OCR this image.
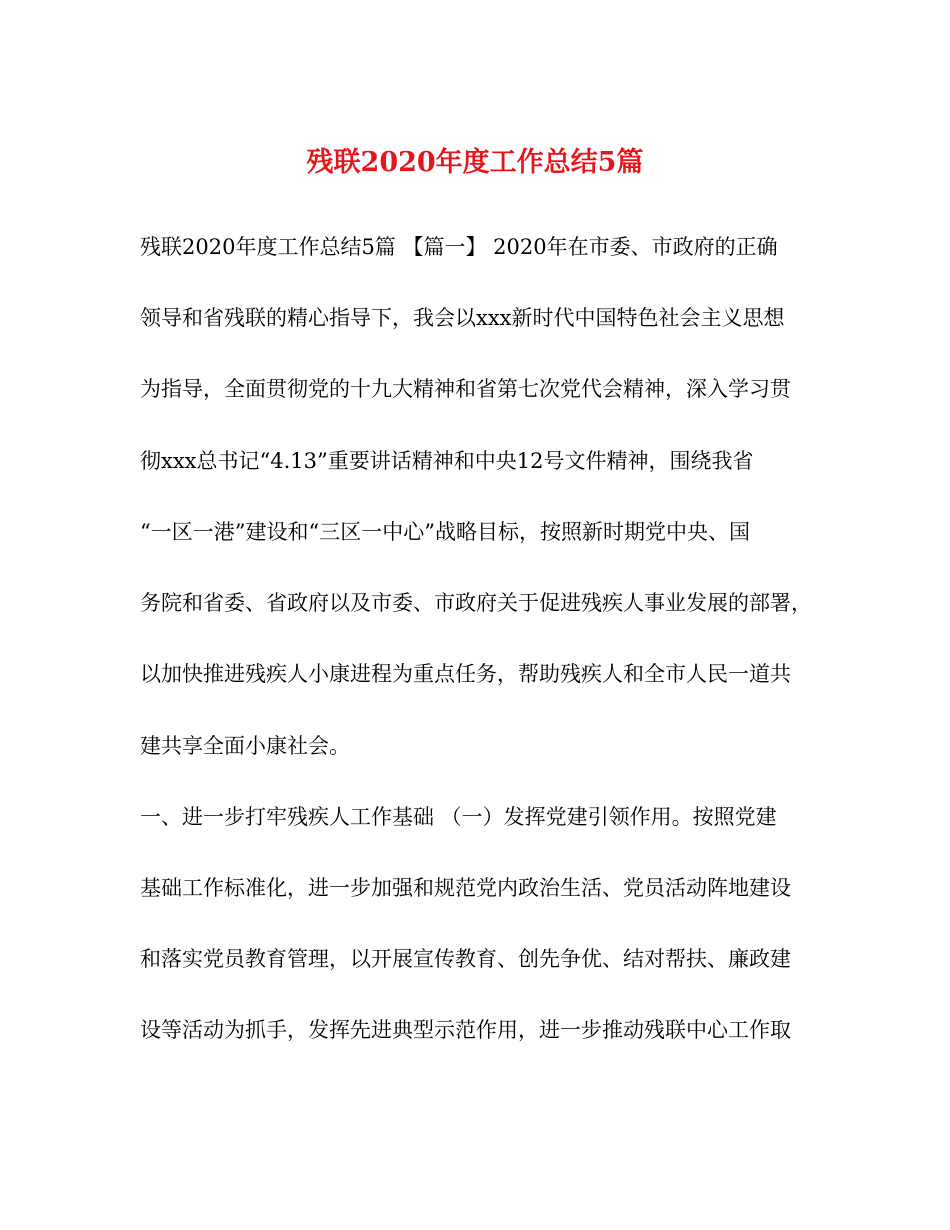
残联2020年度工作总结5篇
残联2020年度工作总结5篇 【篇一】 2020年在市委、市政府的正确
领导和省残联的精心指导下，我会以xxx新时代中国特色社会主义思想
为指导，全面贯彻党的十九大精神和省第七次党代会精神，深入学习贯
彻xxx总书记“4.13”重要讲话精神和中央12号文件精神，围绕我省
“一区一港”建设和“三区一中心”战略目标，按照新时期党中央、国
务院和省委、省政府以及市委、市政府关于促进残疾人事业发展的部署，
以加快推进残疾人小康进程为重点任务，帮助残疾人和全市人民一道共
建共享全面小康社会。
一、进一步打牢残疾人工作基础 （一）发挥党建引领作用。按照党建
基础工作标准化，进一步加强和规范党内政治生活、党员活动阵地建设
和落实党员教育管理，以开展宣传教育、创先争优、结对帮扶、廉政建
设等活动为抓手，发挥先进典型示范作用，进一步推动残联中心工作取
